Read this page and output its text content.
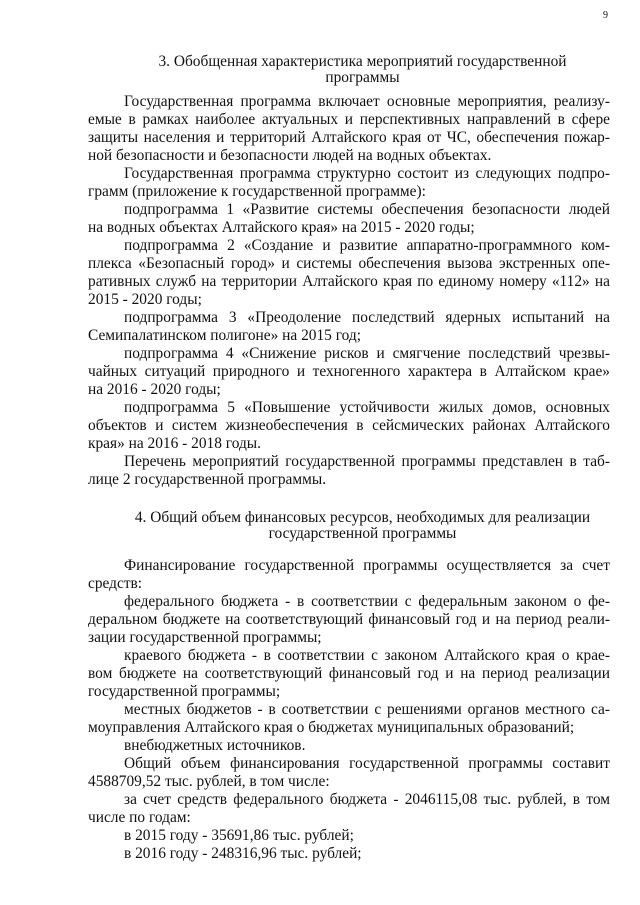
9
3. Обобщенная характеристика мероприятий государственной
программы
Государственная программа включает основные мероприятия, реализу-
емые в рамках наиболее актуальных и перспективных направлений в сфере
защиты населения и территорий Алтайского края от ЧС, обеспечения пожар-
ной безопасности и безопасности людей на водных объектах.
Государственная программа структурно состоит из следующих подпро-
грамм (приложение к государственной программе):
подпрограмма 1 «Развитие системы обеспечения безопасности людей
на водных объектах Алтайского края» на 2015 - 2020 годы;
подпрограмма 2 «Создание и развитие аппаратно-программного ком-
плекса «Безопасный город» и системы обеспечения вызова экстренных опе-
ративных служб на территории Алтайского края по единому номеру «112» на
2015 - 2020 годы;
подпрограмма 3 «Преодоление последствий ядерных испытаний на
Семипалатинском полигоне» на 2015 год;
подпрограмма 4 «Снижение рисков и смягчение последствий чрезвы-
чайных ситуаций природного и техногенного характера в Алтайском крае»
на 2016 - 2020 годы;
подпрограмма 5 «Повышение устойчивости жилых домов, основных
объектов и систем жизнеобеспечения в сейсмических районах Алтайского
края» на 2016 - 2018 годы.
Перечень мероприятий государственной программы представлен в таб-
лице 2 государственной программы.
4. Общий объем финансовых ресурсов, необходимых для реализации
государственной программы
Финансирование государственной программы осуществляется за счет
средств:
федерального бюджета - в соответствии с федеральным законом о фе-
деральном бюджете на соответствующий финансовый год и на период реали-
зации государственной программы;
краевого бюджета - в соответствии с законом Алтайского края о крае-
вом бюджете на соответствующий финансовый год и на период реализации
государственной программы;
местных бюджетов - в соответствии с решениями органов местного са-
моуправления Алтайского края о бюджетах муниципальных образований;
внебюджетных источников.
Общий объем финансирования государственной программы составит
4588709,52 тыс. рублей, в том числе:
за счет средств федерального бюджета - 2046115,08 тыс. рублей, в том
числе по годам:
в 2015 году - 35691,86 тыс. рублей;
в 2016 году - 248316,96 тыс. рублей;
